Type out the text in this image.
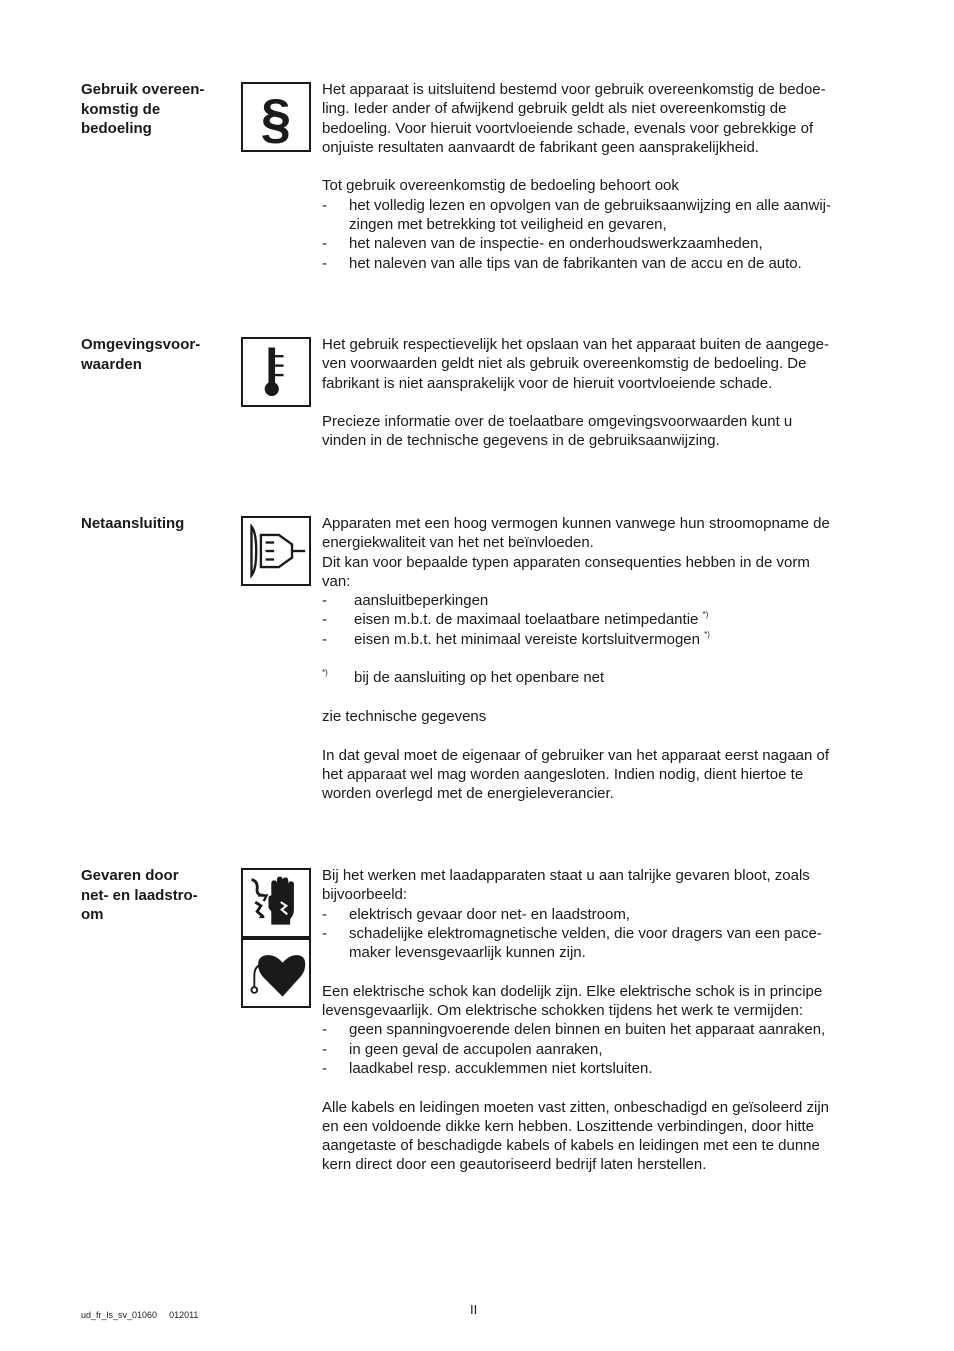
Gebruik overeen-
komstig de
bedoeling	§ Het apparaat is uitsluitend bestemd voor gebruik overeenkomstig de bedoe-
ling. Ieder ander of afwijkend gebruik geldt als niet overeenkomstig de
bedoeling. Voor hieruit voortvloeiende schade, evenals voor gebrekkige of
onjuiste resultaten aanvaardt de fabrikant geen aansprakelijkheid.

Tot gebruik overeenkomstig de bedoeling behoort ook

-	het volledig lezen en opvolgen van de gebruiksaanwijzing en alle aanwij-
zingen met betrekking tot veiligheid en gevaren,
-	het naleven van de inspectie- en onderhoudswerkzaamheden,
-	het naleven van alle tips van de fabrikanten van de accu en de auto.
Omgevingsvoor-
waarden

Het gebruik respectievelijk het opslaan van het apparaat buiten de aangege-
ven voorwaarden geldt niet als gebruik overeenkomstig de bedoeling. De
fabrikant is niet aansprakelijk voor de hieruit voortvloeiende schade.

Precieze informatie over de toelaatbare omgevingsvoorwaarden kunt u
vinden in de technische gegevens in de gebruiksaanwijzing.

Netaansluiting	Apparaten met een hoog vermogen kunnen vanwege hun stroomopname de
energiekwaliteit van het net beïnvloeden.
Dit kan voor bepaalde typen apparaten consequenties hebben in de vorm
van:

-	aansluitbeperkingen
-	eisen m.b.t. de maximaal toelaatbare netimpedantie *)
-	eisen m.b.t. het minimaal vereiste kortsluitvermogen *)
*)	bij de aansluiting op het openbare net

zie technische gegevens

In dat geval moet de eigenaar of gebruiker van het apparaat eerst nagaan of
het apparaat wel mag worden aangesloten. Indien nodig, dient hiertoe te
worden overlegd met de energieleverancier.

Gevaren door
net- en laadstro-
om

Bij het werken met laadapparaten staat u aan talrijke gevaren bloot, zoals
bijvoorbeeld:

-	elektrisch gevaar door net- en laadstroom,
-	schadelijke elektromagnetische velden, die voor dragers van een pace-
maker levensgevaarlijk kunnen zijn.

Een elektrische schok kan dodelijk zijn. Elke elektrische schok is in principe
levensgevaarlijk. Om elektrische schokken tijdens het werk te vermijden:

-	geen spanningvoerende delen binnen en buiten het apparaat aanraken,
-	in geen geval de accupolen aanraken,
-	laadkabel resp. accuklemmen niet kortsluiten.

Alle kabels en leidingen moeten vast zitten, onbeschadigd en geïsoleerd zijn
en een voldoende dikke kern hebben. Loszittende verbindingen, door hitte
aangetaste of beschadigde kabels of kabels en leidingen met een te dunne
kern direct door een geautoriseerd bedrijf laten herstellen.

ud_fr_ls_sv_01060 012011	II
